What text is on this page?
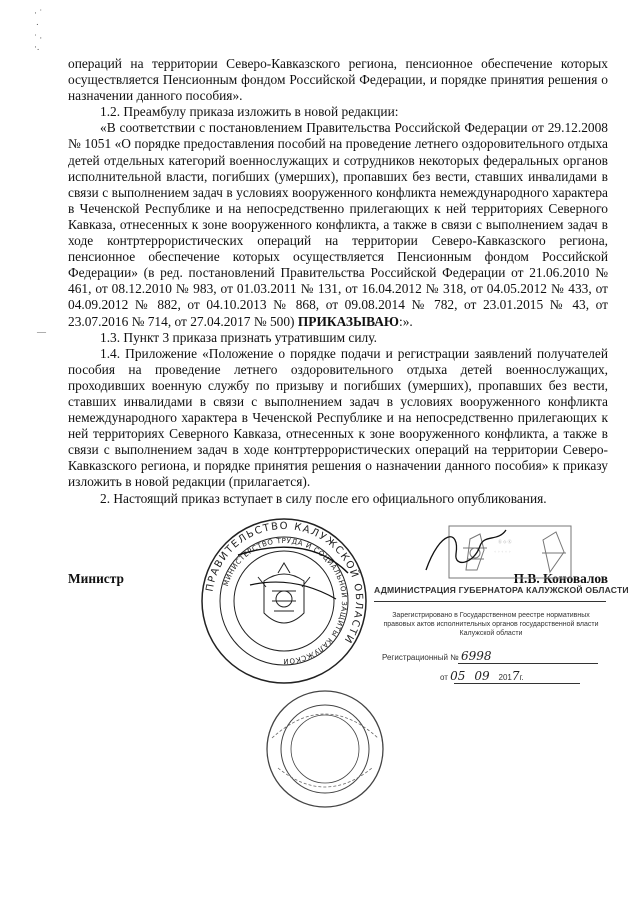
· ˙
.
˙ ·
·.
—

операций на территории Северо-Кавказского региона, пенсионное обеспечение которых осуществляется Пенсионным фондом Российской Федерации, и порядке принятия решения о назначении данного пособия».

1.2. Преамбулу приказа изложить в новой редакции:

«В соответствии с постановлением Правительства Российской Федерации от 29.12.2008 № 1051 «О порядке предоставления пособий на проведение летнего оздоровительного отдыха детей отдельных категорий военнослужащих и сотрудников некоторых федеральных органов исполнительной власти, погибших (умерших), пропавших без вести, ставших инвалидами в связи с выполнением задач в условиях вооруженного конфликта немеждународного характера в Чеченской Республике и на непосредственно прилегающих к ней территориях Северного Кавказа, отнесенных к зоне вооруженного конфликта, а также в связи с выполнением задач в ходе контртеррористических операций на территории Северо-Кавказского региона, пенсионное обеспечение которых осуществляется Пенсионным фондом Российской Федерации» (в ред. постановлений Правительства Российской Федерации от 21.06.2010 № 461, от 08.12.2010 № 983, от 01.03.2011 № 131, от 16.04.2012 № 318, от 04.05.2012 № 433, от 04.09.2012 № 882, от 04.10.2013 № 868, от 09.08.2014 № 782, от 23.01.2015 № 43, от 23.07.2016 № 714, от 27.04.2017 № 500) ПРИКАЗЫВАЮ:».

1.3. Пункт 3 приказа признать утратившим силу.

1.4. Приложение «Положение о порядке подачи и регистрации заявлений получателей пособия на проведение летнего оздоровительного отдыха детей военнослужащих, проходивших военную службу по призыву и погибших (умерших), пропавших без вести, ставших инвалидами в связи с выполнением задач в условиях вооруженного конфликта немеждународного характера в Чеченской Республике и на непосредственно прилегающих к ней территориях Северного Кавказа, отнесенных к зоне вооруженного конфликта, а также в связи с выполнением задач в ходе контртеррористических операций на территории Северо-Кавказского региона, и порядке принятия решения о назначении данного пособия» к приказу изложить в новой редакции (прилагается).

2. Настоящий приказ вступает в силу после его официального опубликования.

Министр	П.В. Коновалов
Ⓚ ◇ Ⓚ
◦ ◦ ◦ ◦ ◦
ПРАВИТЕЛЬСТВО КАЛУЖСКОЙ ОБЛАСТИ
МИНИСТЕРСТВО ТРУДА И СОЦИАЛЬНОЙ ЗАЩИТЫ КАЛУЖСКОЙ
АДМИНИСТРАЦИЯ ГУБЕРНАТОРА КАЛУЖСКОЙ ОБЛАСТИ
Зарегистрировано в Государственном реестре нормативных правовых актов исполнительных органов государственной власти Калужской области
Регистрационный № 6998
от 05 09 2017г.
